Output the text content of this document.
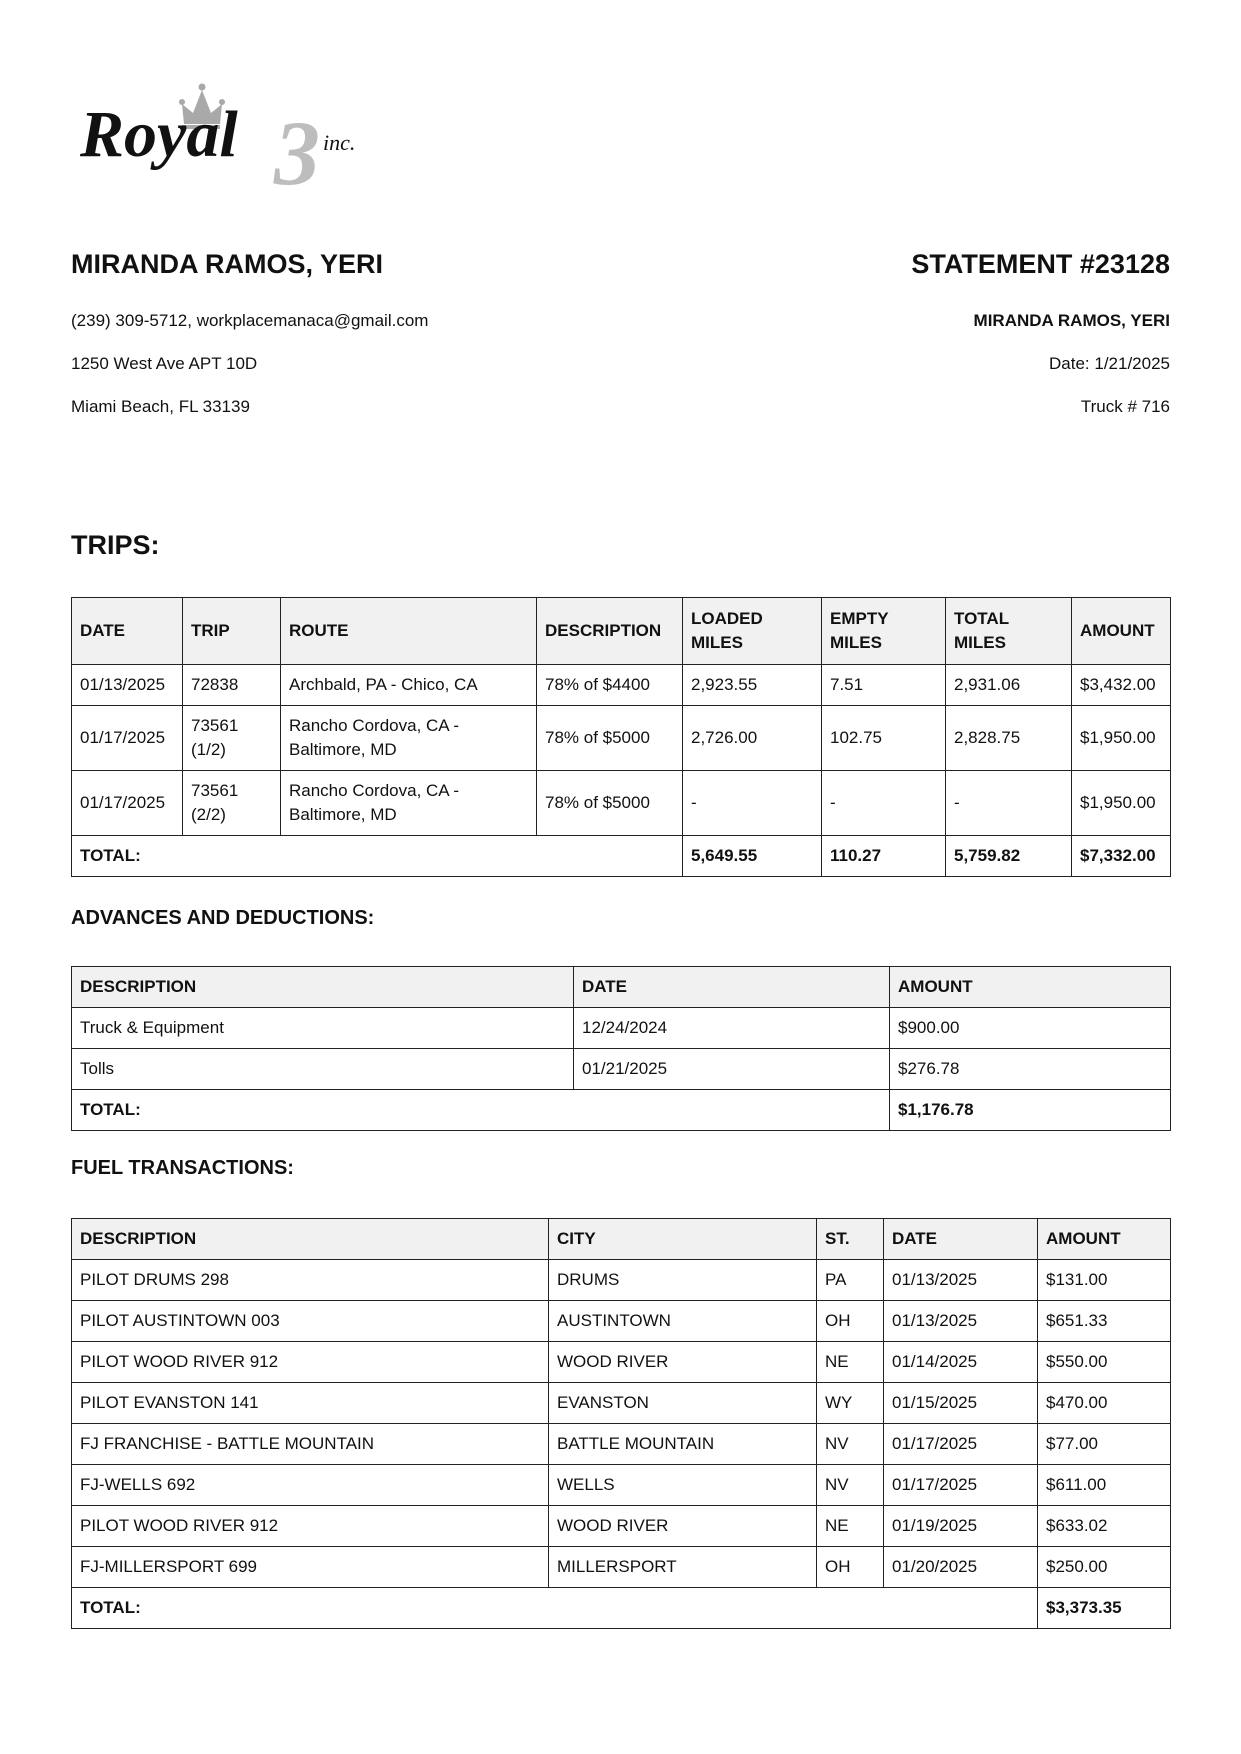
3
Royal	inc.
MIRANDA RAMOS, YERI
(239) 309-5712, workplacemanaca@gmail.com
1250 West Ave APT 10D
Miami Beach, FL 33139
STATEMENT #23128
MIRANDA RAMOS, YERI
Date: 1/21/2025
Truck # 716
TRIPS:
DATE	TRIP	ROUTE	DESCRIPTION	LOADED MILES	EMPTY MILES	TOTAL MILES	AMOUNT
01/13/2025	72838	Archbald, PA - Chico, CA	78% of $4400	2,923.55	7.51	2,931.06	$3,432.00
01/17/2025	73561 (1/2)	Rancho Cordova, CA - Baltimore, MD	78% of $5000	2,726.00	102.75	2,828.75	$1,950.00
01/17/2025	73561 (2/2)	Rancho Cordova, CA - Baltimore, MD	78% of $5000	-	-	-	$1,950.00
TOTAL:				5,649.55	110.27	5,759.82	$7,332.00
ADVANCES AND DEDUCTIONS:
DESCRIPTION	DATE	AMOUNT
Truck & Equipment	12/24/2024	$900.00
Tolls	01/21/2025	$276.78
TOTAL:		$1,176.78
FUEL TRANSACTIONS:
DESCRIPTION	CITY	ST.	DATE	AMOUNT
PILOT DRUMS 298	DRUMS	PA	01/13/2025	$131.00
PILOT AUSTINTOWN 003	AUSTINTOWN	OH	01/13/2025	$651.33
PILOT WOOD RIVER 912	WOOD RIVER	NE	01/14/2025	$550.00
PILOT EVANSTON 141	EVANSTON	WY	01/15/2025	$470.00
FJ FRANCHISE - BATTLE MOUNTAIN	BATTLE MOUNTAIN	NV	01/17/2025	$77.00
FJ-WELLS 692	WELLS	NV	01/17/2025	$611.00
PILOT WOOD RIVER 912	WOOD RIVER	NE	01/19/2025	$633.02
FJ-MILLERSPORT 699	MILLERSPORT	OH	01/20/2025	$250.00
TOTAL:				$3,373.35
